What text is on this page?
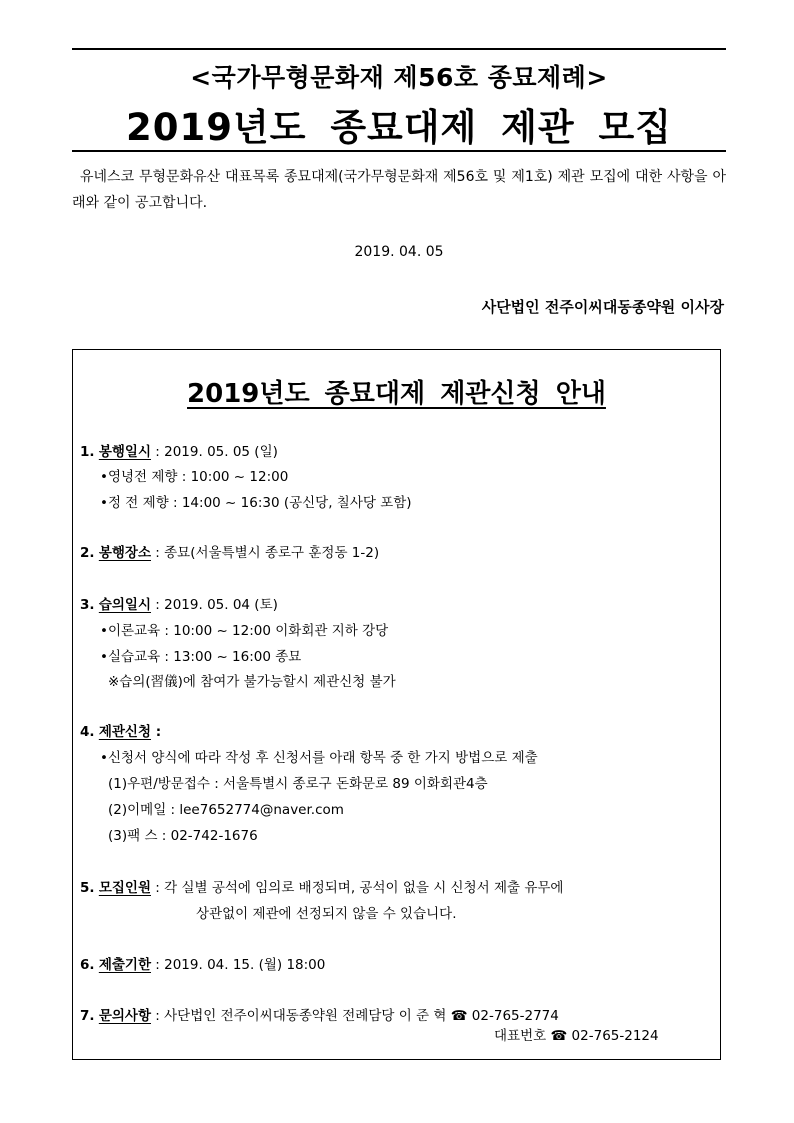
<국가무형문화재 제56호 종묘제례>
2019년도 종묘대제 제관 모집
유네스코 무형문화유산 대표목록 종묘대제(국가무형문화재 제56호 및 제1호) 제관 모집에 대한 사항을 아래와 같이 공고합니다.
2019. 04. 05
사단법인 전주이씨대동종약원 이사장
2019년도 종묘대제 제관신청 안내
1. 봉행일시 : 2019. 05. 05 (일)
•영녕전 제향 : 10:00 ~ 12:00
•정 전 제향 : 14:00 ~ 16:30 (공신당, 칠사당 포함)
2. 봉행장소 : 종묘(서울특별시 종로구 훈정동 1-2)
3. 습의일시 : 2019. 05. 04 (토)
•이론교육 : 10:00 ~ 12:00 이화회관 지하 강당
•실습교육 : 13:00 ~ 16:00 종묘
※습의(習儀)에 참여가 불가능할시 제관신청 불가
4. 제관신청 :
•신청서 양식에 따라 작성 후 신청서를 아래 항목 중 한 가지 방법으로 제출
(1)우편/방문접수 : 서울특별시 종로구 돈화문로 89 이화회관4층
(2)이메일 : lee7652774@naver.com
(3)팩 스 : 02-742-1676
5. 모집인원 : 각 실별 공석에 임의로 배정되며, 공석이 없을 시 신청서 제출 유무에
상관없이 제관에 선정되지 않을 수 있습니다.
6. 제출기한 : 2019. 04. 15. (월) 18:00
7. 문의사항 : 사단법인 전주이씨대동종약원 전례담당 이 준 혁 ☎ 02-765-2774
대표번호 ☎ 02-765-2124
